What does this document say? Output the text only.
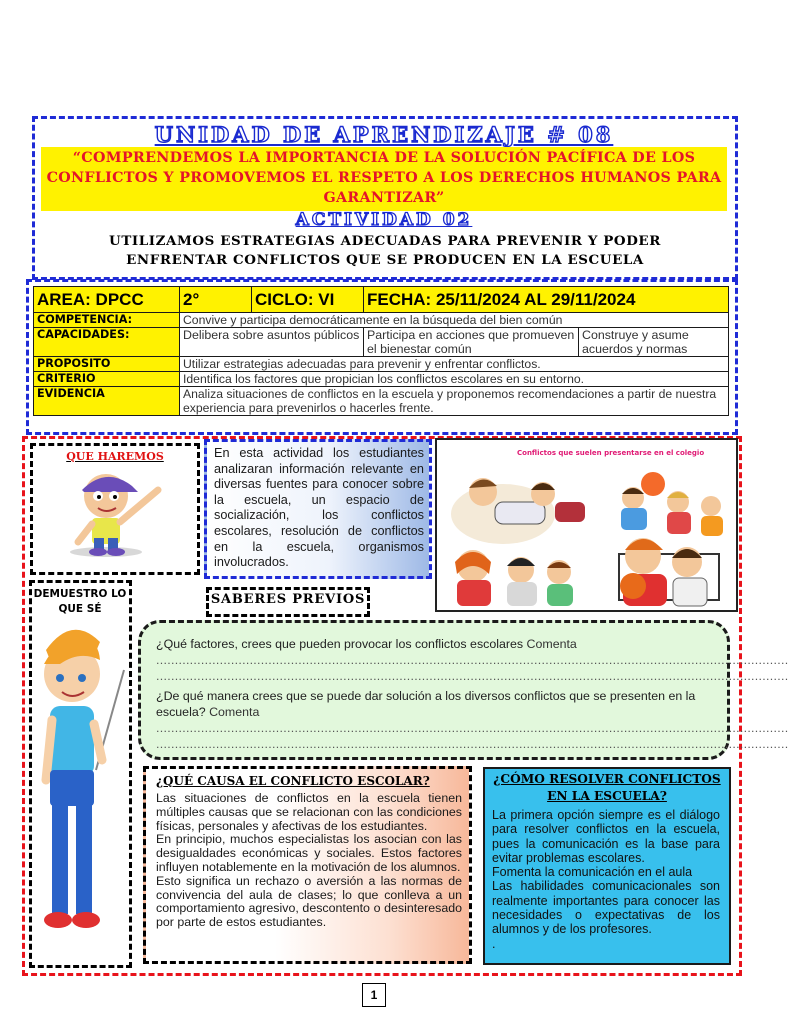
UNIDAD DE APRENDIZAJE # 08
“COMPRENDEMOS LA IMPORTANCIA DE LA SOLUCIÓN PACÍFICA DE LOS CONFLICTOS Y PROMOVEMOS EL RESPETO A LOS DERECHOS HUMANOS PARA GARANTIZAR”
ACTIVIDAD 02
UTILIZAMOS ESTRATEGIAS ADECUADAS PARA PREVENIR Y PODER ENFRENTAR CONFLICTOS QUE SE PRODUCEN EN LA ESCUELA
AREA: DPCC	2°	CICLO: VI	FECHA: 25/11/2024 AL 29/11/2024	
COMPETENCIA:	Convive y participa democráticamente en la búsqueda del bien común			
CAPACIDADES:	Delibera sobre asuntos públicos		Participa en acciones que promueven el bienestar común	Construye y asume acuerdos y normas
PROPOSITO	Utilizar estrategias adecuadas para prevenir y enfrentar conflictos.			
CRITERIO	Identifica los factores que propician los conflictos escolares en su entorno.			
EVIDENCIA	Analiza situaciones de conflictos en la escuela y proponemos recomendaciones a partir de nuestra experiencia para prevenirlos o hacerles frente.			
QUE HAREMOS	En esta actividad los estudiantes analizaran información relevante en diversas fuentes para conocer sobre la escuela, un espacio de socialización, los conflictos escolares, resolución de conflictos en la escuela, organismos involucrados.
Conflictos que suelen presentarse en el colegio
DEMUESTRO LO QUE SÉ
SABERES PREVIOS
¿Qué factores, crees que pueden provocar los conflictos escolares Comenta
.........................................................................................................................................................................
.........................................................................................................................................................................
¿De qué manera crees que se puede dar solución a los diversos conflictos que se presenten en la escuela? Comenta
.........................................................................................................................................................................
.........................................................................................................................................................................
¿QUÉ CAUSA EL CONFLICTO ESCOLAR?
Las situaciones de conflictos en la escuela tienen múltiples causas que se relacionan con las condiciones físicas, personales y afectivas de los estudiantes.
En principio, muchos especialistas los asocian con las desigualdades económicas y sociales. Estos factores influyen notablemente en la motivación de los alumnos.
Esto significa un rechazo o aversión a las normas de convivencia del aula de clases; lo que conlleva a un comportamiento agresivo, descontento o desinteresado por parte de estos estudiantes.
¿CÓMO RESOLVER CONFLICTOS EN LA ESCUELA?
La primera opción siempre es el diálogo para resolver conflictos en la escuela, pues la comunicación es la base para evitar problemas escolares.
Fomenta la comunicación en el aula
Las habilidades comunicacionales son realmente importantes para conocer las necesidades o expectativas de los alumnos y de los profesores.
.
1
